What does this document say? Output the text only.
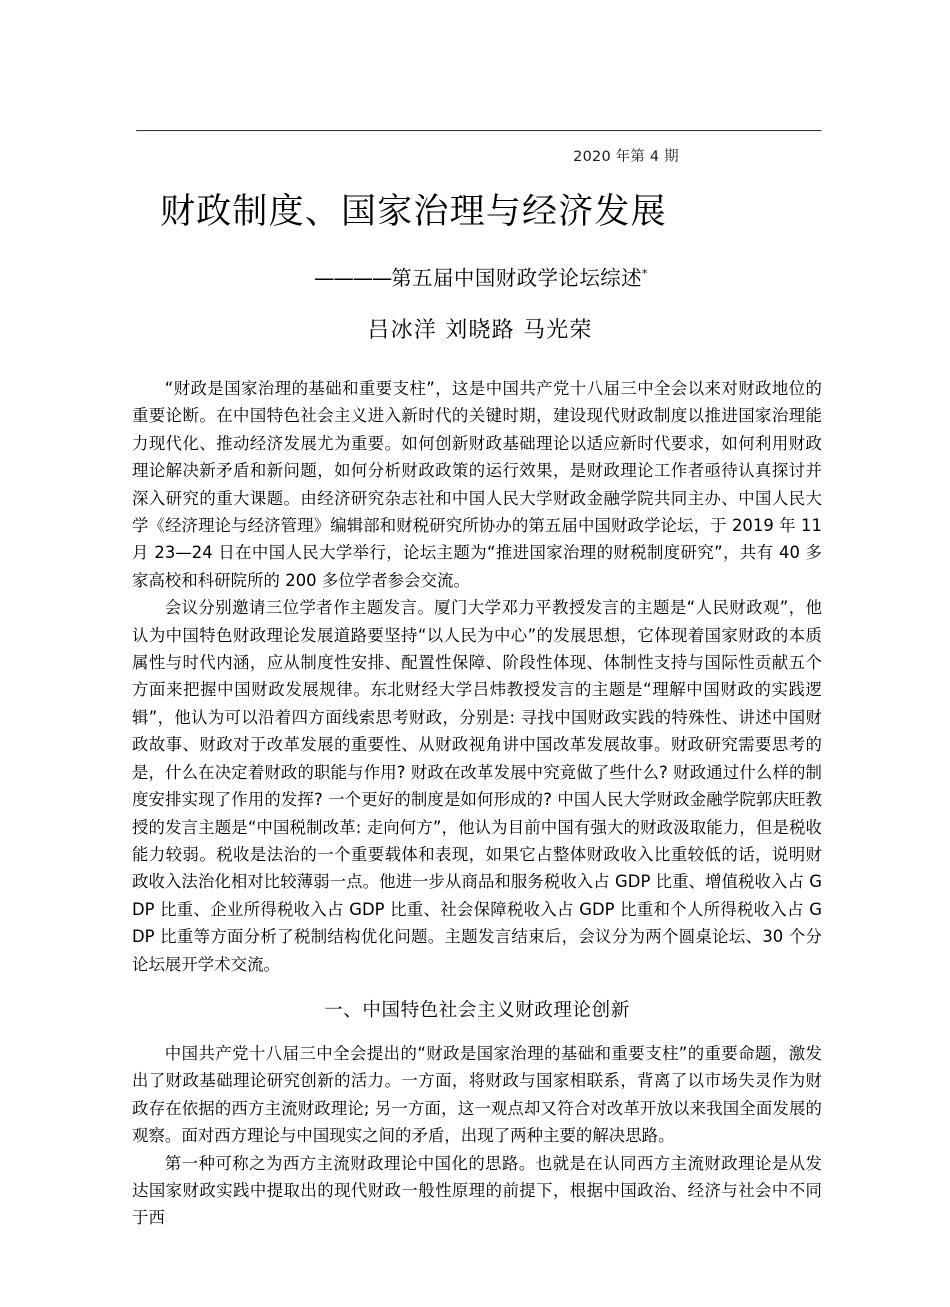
2020 年第 4 期
财政制度、国家治理与经济发展
————第五届中国财政学论坛综述*
吕冰洋 刘晓路 马光荣

“财政是国家治理的基础和重要支柱”，这是中国共产党十八届三中全会以来对财政地位的重要论断。在中国特色社会主义进入新时代的关键时期，建设现代财政制度以推进国家治理能力现代化、推动经济发展尤为重要。如何创新财政基础理论以适应新时代要求，如何利用财政理论解决新矛盾和新问题，如何分析财政政策的运行效果，是财政理论工作者亟待认真探讨并深入研究的重大课题。由经济研究杂志社和中国人民大学财政金融学院共同主办、中国人民大学《经济理论与经济管理》编辑部和财税研究所协办的第五届中国财政学论坛，于 2019 年 11 月 23—24 日在中国人民大学举行，论坛主题为“推进国家治理的财税制度研究”，共有 40 多家高校和科研院所的 200 多位学者参会交流。

会议分别邀请三位学者作主题发言。厦门大学邓力平教授发言的主题是“人民财政观”，他认为中国特色财政理论发展道路要坚持“以人民为中心”的发展思想，它体现着国家财政的本质属性与时代内涵，应从制度性安排、配置性保障、阶段性体现、体制性支持与国际性贡献五个方面来把握中国财政发展规律。东北财经大学吕炜教授发言的主题是“理解中国财政的实践逻辑”，他认为可以沿着四方面线索思考财政，分别是: 寻找中国财政实践的特殊性、讲述中国财政故事、财政对于改革发展的重要性、从财政视角讲中国改革发展故事。财政研究需要思考的是，什么在决定着财政的职能与作用? 财政在改革发展中究竟做了些什么? 财政通过什么样的制度安排实现了作用的发挥? 一个更好的制度是如何形成的? 中国人民大学财政金融学院郭庆旺教授的发言主题是“中国税制改革: 走向何方”，他认为目前中国有强大的财政汲取能力，但是税收能力较弱。税收是法治的一个重要载体和表现，如果它占整体财政收入比重较低的话，说明财政收入法治化相对比较薄弱一点。他进一步从商品和服务税收入占 GDP 比重、增值税收入占 GDP 比重、企业所得税收入占 GDP 比重、社会保障税收入占 GDP 比重和个人所得税收入占 GDP 比重等方面分析了税制结构优化问题。主题发言结束后，会议分为两个圆桌论坛、30 个分论坛展开学术交流。

一、中国特色社会主义财政理论创新

中国共产党十八届三中全会提出的“财政是国家治理的基础和重要支柱”的重要命题，激发出了财政基础理论研究创新的活力。一方面，将财政与国家相联系，背离了以市场失灵作为财政存在依据的西方主流财政理论; 另一方面，这一观点却又符合对改革开放以来我国全面发展的观察。面对西方理论与中国现实之间的矛盾，出现了两种主要的解决思路。

第一种可称之为西方主流财政理论中国化的思路。也就是在认同西方主流财政理论是从发达国家财政实践中提取出的现代财政一般性原理的前提下，根据中国政治、经济与社会中不同于西
